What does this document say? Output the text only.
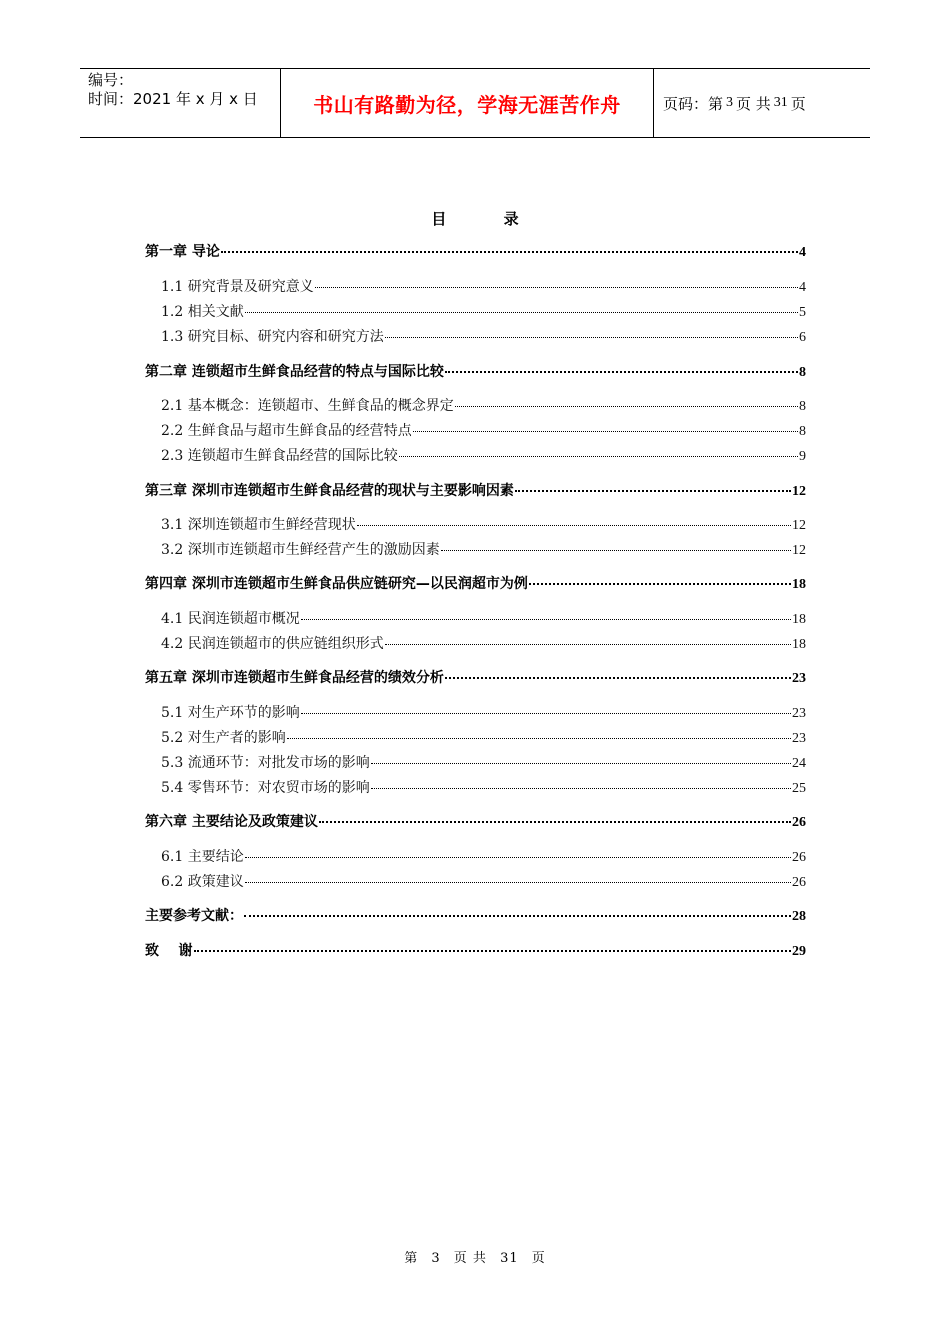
编号：
时间：2021 年 x 月 x 日	书山有路勤为径，学海无涯苦作舟	页码：第 3 页 共 31 页
目	录
第一章 导论	4
1.1 研究背景及研究意义	4
1.2 相关文献	5
1.3 研究目标、研究内容和研究方法	6
第二章 连锁超市生鲜食品经营的特点与国际比较	8
2.1 基本概念：连锁超市、生鲜食品的概念界定	8
2.2 生鲜食品与超市生鲜食品的经营特点	8
2.3 连锁超市生鲜食品经营的国际比较	9
第三章 深圳市连锁超市生鲜食品经营的现状与主要影响因素	12
3.1 深圳连锁超市生鲜经营现状	12
3.2 深圳市连锁超市生鲜经营产生的激励因素	12
第四章 深圳市连锁超市生鲜食品供应链研究—以民润超市为例	18
4.1 民润连锁超市概况	18
4.2 民润连锁超市的供应链组织形式	18
第五章 深圳市连锁超市生鲜食品经营的绩效分析	23
5.1 对生产环节的影响	23
5.2 对生产者的影响	23
5.3 流通环节：对批发市场的影响	24
5.4 零售环节：对农贸市场的影响	25
第六章 主要结论及政策建议	26
6.1 主要结论	26
6.2 政策建议	26
主要参考文献：	28
致    谢	29
第 3 页 共 31 页
